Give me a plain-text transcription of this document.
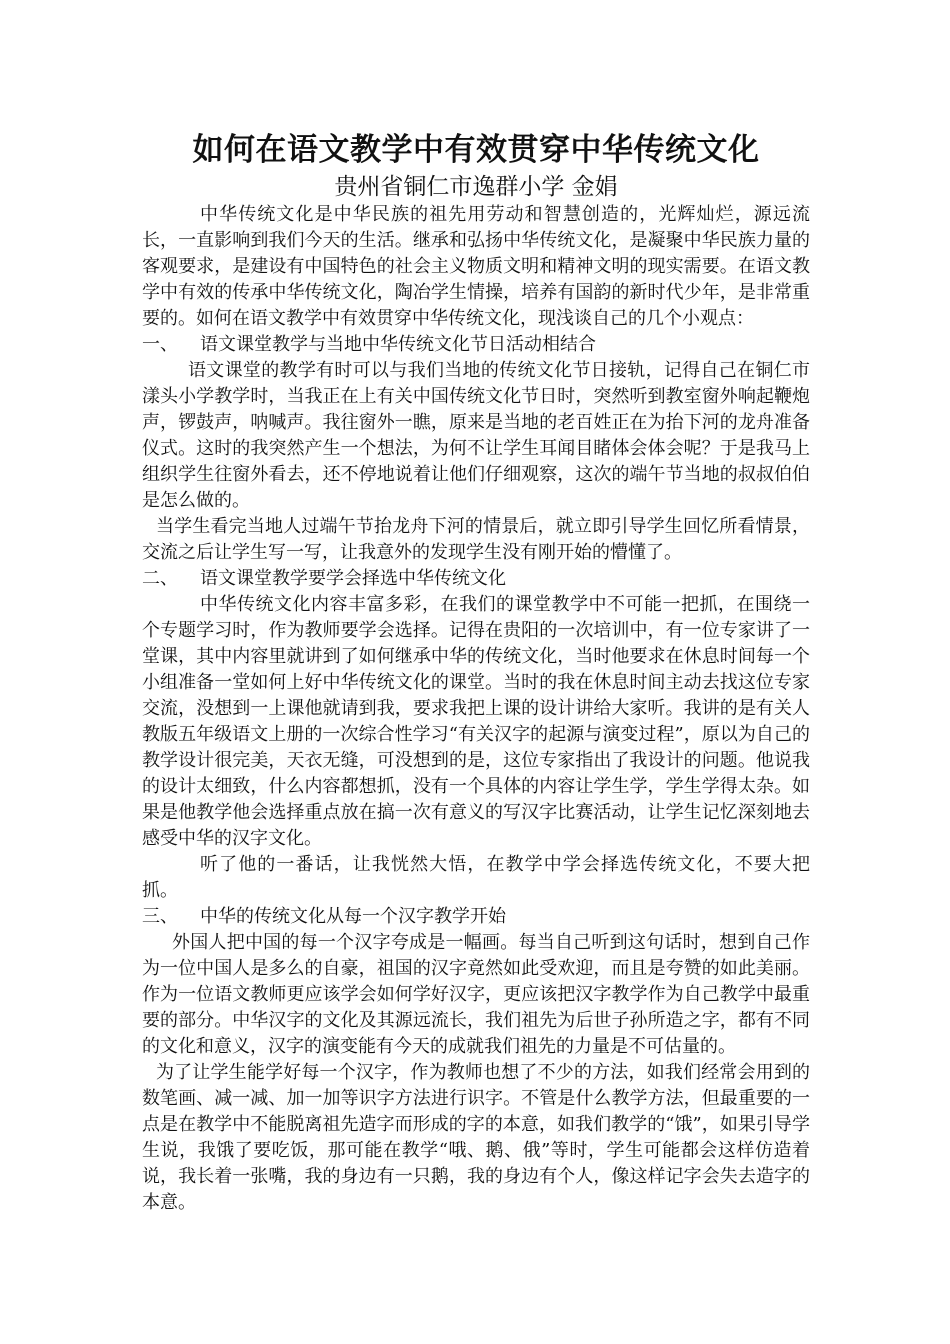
如何在语文教学中有效贯穿中华传统文化
贵州省铜仁市逸群小学 金娟

中华传统文化是中华民族的祖先用劳动和智慧创造的，光辉灿烂，源远流长，一直影响到我们今天的生活。继承和弘扬中华传统文化，是凝聚中华民族力量的客观要求，是建设有中国特色的社会主义物质文明和精神文明的现实需要。在语文教学中有效的传承中华传统文化，陶冶学生情操，培养有国韵的新时代少年，是非常重要的。如何在语文教学中有效贯穿中华传统文化，现浅谈自己的几个小观点：

一、	语文课堂教学与当地中华传统文化节日活动相结合

语文课堂的教学有时可以与我们当地的传统文化节日接轨，记得自己在铜仁市漾头小学教学时，当我正在上有关中国传统文化节日时，突然听到教室窗外响起鞭炮声，锣鼓声，呐喊声。我往窗外一瞧，原来是当地的老百姓正在为抬下河的龙舟准备仪式。这时的我突然产生一个想法，为何不让学生耳闻目睹体会体会呢？于是我马上组织学生往窗外看去，还不停地说着让他们仔细观察，这次的端午节当地的叔叔伯伯是怎么做的。

当学生看完当地人过端午节抬龙舟下河的情景后，就立即引导学生回忆所看情景，交流之后让学生写一写，让我意外的发现学生没有刚开始的懵懂了。

二、	语文课堂教学要学会择选中华传统文化

中华传统文化内容丰富多彩，在我们的课堂教学中不可能一把抓，在围绕一个专题学习时，作为教师要学会选择。记得在贵阳的一次培训中，有一位专家讲了一堂课，其中内容里就讲到了如何继承中华的传统文化，当时他要求在休息时间每一个小组准备一堂如何上好中华传统文化的课堂。当时的我在休息时间主动去找这位专家交流，没想到一上课他就请到我，要求我把上课的设计讲给大家听。我讲的是有关人教版五年级语文上册的一次综合性学习“有关汉字的起源与演变过程”，原以为自己的教学设计很完美，天衣无缝，可没想到的是，这位专家指出了我设计的问题。他说我的设计太细致，什么内容都想抓，没有一个具体的内容让学生学，学生学得太杂。如果是他教学他会选择重点放在搞一次有意义的写汉字比赛活动，让学生记忆深刻地去感受中华的汉字文化。

听了他的一番话，让我恍然大悟，在教学中学会择选传统文化，不要大把抓。

三、	中华的传统文化从每一个汉字教学开始

外国人把中国的每一个汉字夸成是一幅画。每当自己听到这句话时，想到自己作为一位中国人是多么的自豪，祖国的汉字竟然如此受欢迎，而且是夸赞的如此美丽。作为一位语文教师更应该学会如何学好汉字，更应该把汉字教学作为自己教学中最重要的部分。中华汉字的文化及其源远流长，我们祖先为后世子孙所造之字，都有不同的文化和意义，汉字的演变能有今天的成就我们祖先的力量是不可估量的。

为了让学生能学好每一个汉字，作为教师也想了不少的方法，如我们经常会用到的数笔画、减一减、加一加等识字方法进行识字。不管是什么教学方法，但最重要的一点是在教学中不能脱离祖先造字而形成的字的本意，如我们教学的“饿”，如果引导学生说，我饿了要吃饭，那可能在教学“哦、鹅、俄”等时，学生可能都会这样仿造着说，我长着一张嘴，我的身边有一只鹅，我的身边有个人，像这样记字会失去造字的本意。
